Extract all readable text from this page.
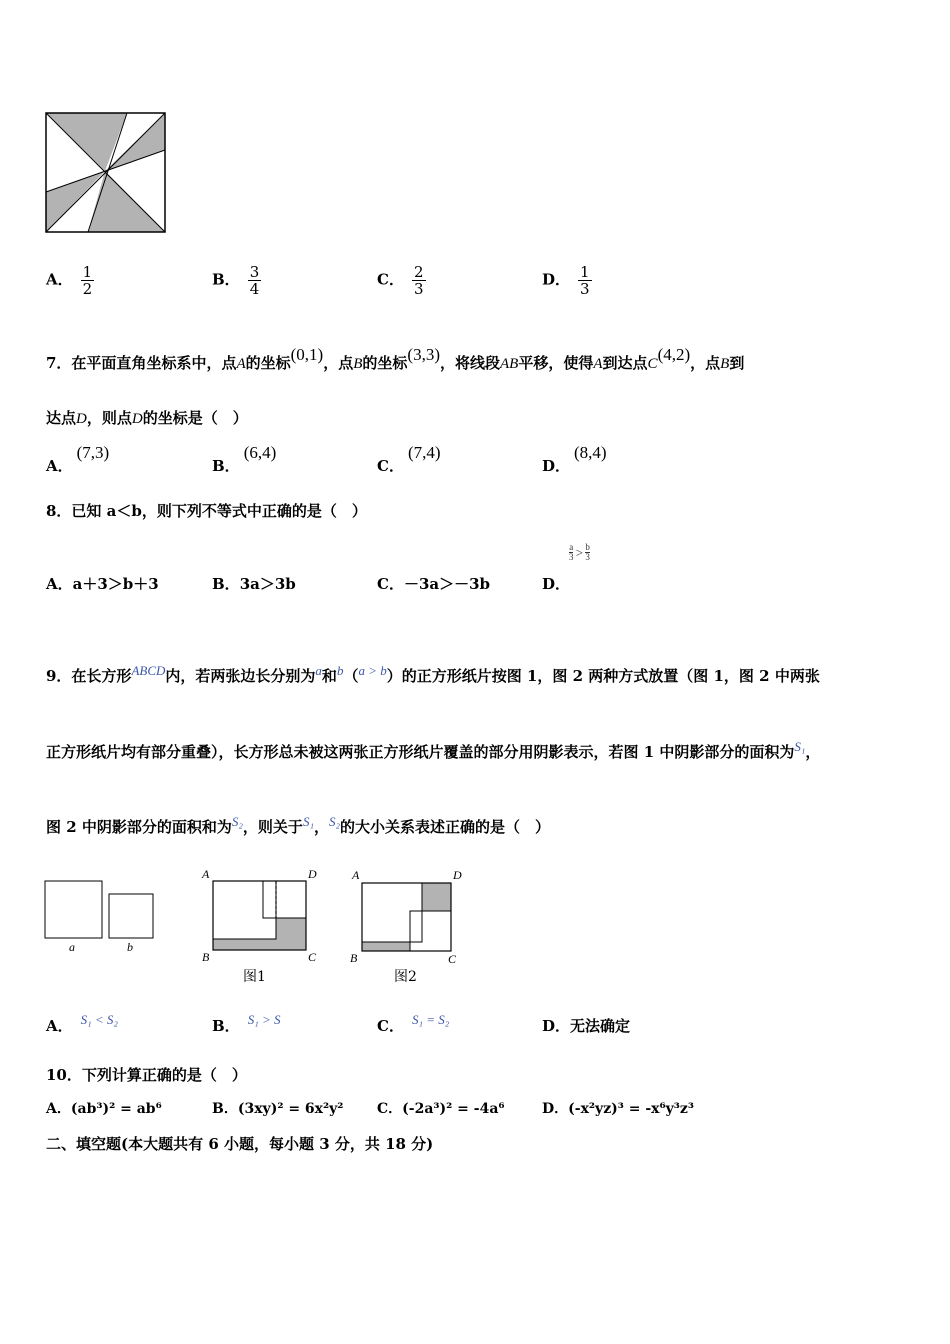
A． $\frac{1}{2}$	B． $\frac{3}{4}$	C． $\frac{2}{3}$	D． $\frac{1}{3}$
7．在平面直角坐标系中，点A的坐标(0,1)，点B的坐标(3,3)，将线段AB平移，使得A到达点C(4,2)，点B到
达点D，则点D的坐标是（　）
A．(7,3)
B．(6,4)
C．(7,4)
D．(8,4)
8．已知 a＜b，则下列不等式中正确的是（　）
A．a＋3＞b＋3	B．3a＞3b	C．－3a＞－3b	D．
$\frac{a}{3} > \frac{b}{3}$
9．在长方形ABCD内，若两张边长分别为a和b（a > b）的正方形纸片按图 1，图 2 两种方式放置（图 1，图 2 中两张
正方形纸片均有部分重叠），长方形总未被这两张正方形纸片覆盖的部分用阴影表示，若图 1 中阴影部分的面积为S₁，
图 2 中阴影部分的面积和为S₂，则关于S₁，S₂的大小关系表述正确的是（　）
a	b
A	D
B	C
A	D
B	C
图1	图2
A． S₁ < S₂	B． S₁ > S	C． S₁ = S₂	D．无法确定
10．下列计算正确的是（　）
A．(ab³)² = ab⁶	B．(3xy)² = 6x²y² C．(-2a³)² = -4a⁶	D．(-x²yz)³ = -x⁶y³z³
二、填空题(本大题共有 6 小题，每小题 3 分，共 18 分)
